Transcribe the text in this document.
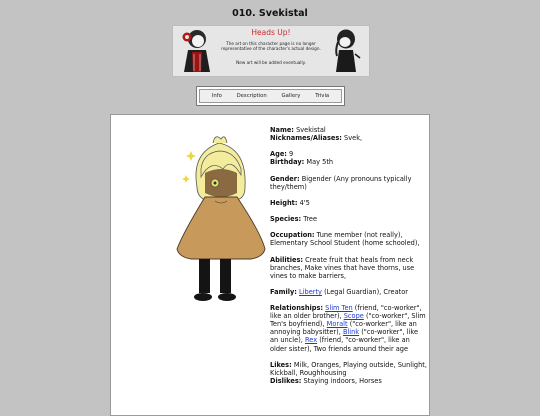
010. Svekistal
Heads Up!
The art on this character page is no longer representative of the character's actual design.
New art will be added eventually.
Info	Description	Gallery	Trivia

Name: Svekistal
Nicknames/Aliases: Svek,

Age: 9
Birthday: May 5th

Gender: Bigender (Any pronouns typically they/them)

Height: 4'5

Species: Tree

Occupation: Tune member (not really), Elementary School Student (home schooled),

Abilities: Create fruit that heals from neck branches, Make vines that have thorns, use vines to make barriers,

Family: Liberty (Legal Guardian), Creator

Relationships: Slim Ten (friend, "co-worker", like an older brother), Scope ("co-worker", Slim Ten's boyfriend), Moralt ("co-worker", like an annoying babysitter), Blink ("co-worker", like an uncle), Rex (friend, "co-worker", like an older sister), Two friends around their age

Likes: Milk, Oranges, Playing outside, Sunlight, Kickball, Roughhousing
Dislikes: Staying indoors, Horses
